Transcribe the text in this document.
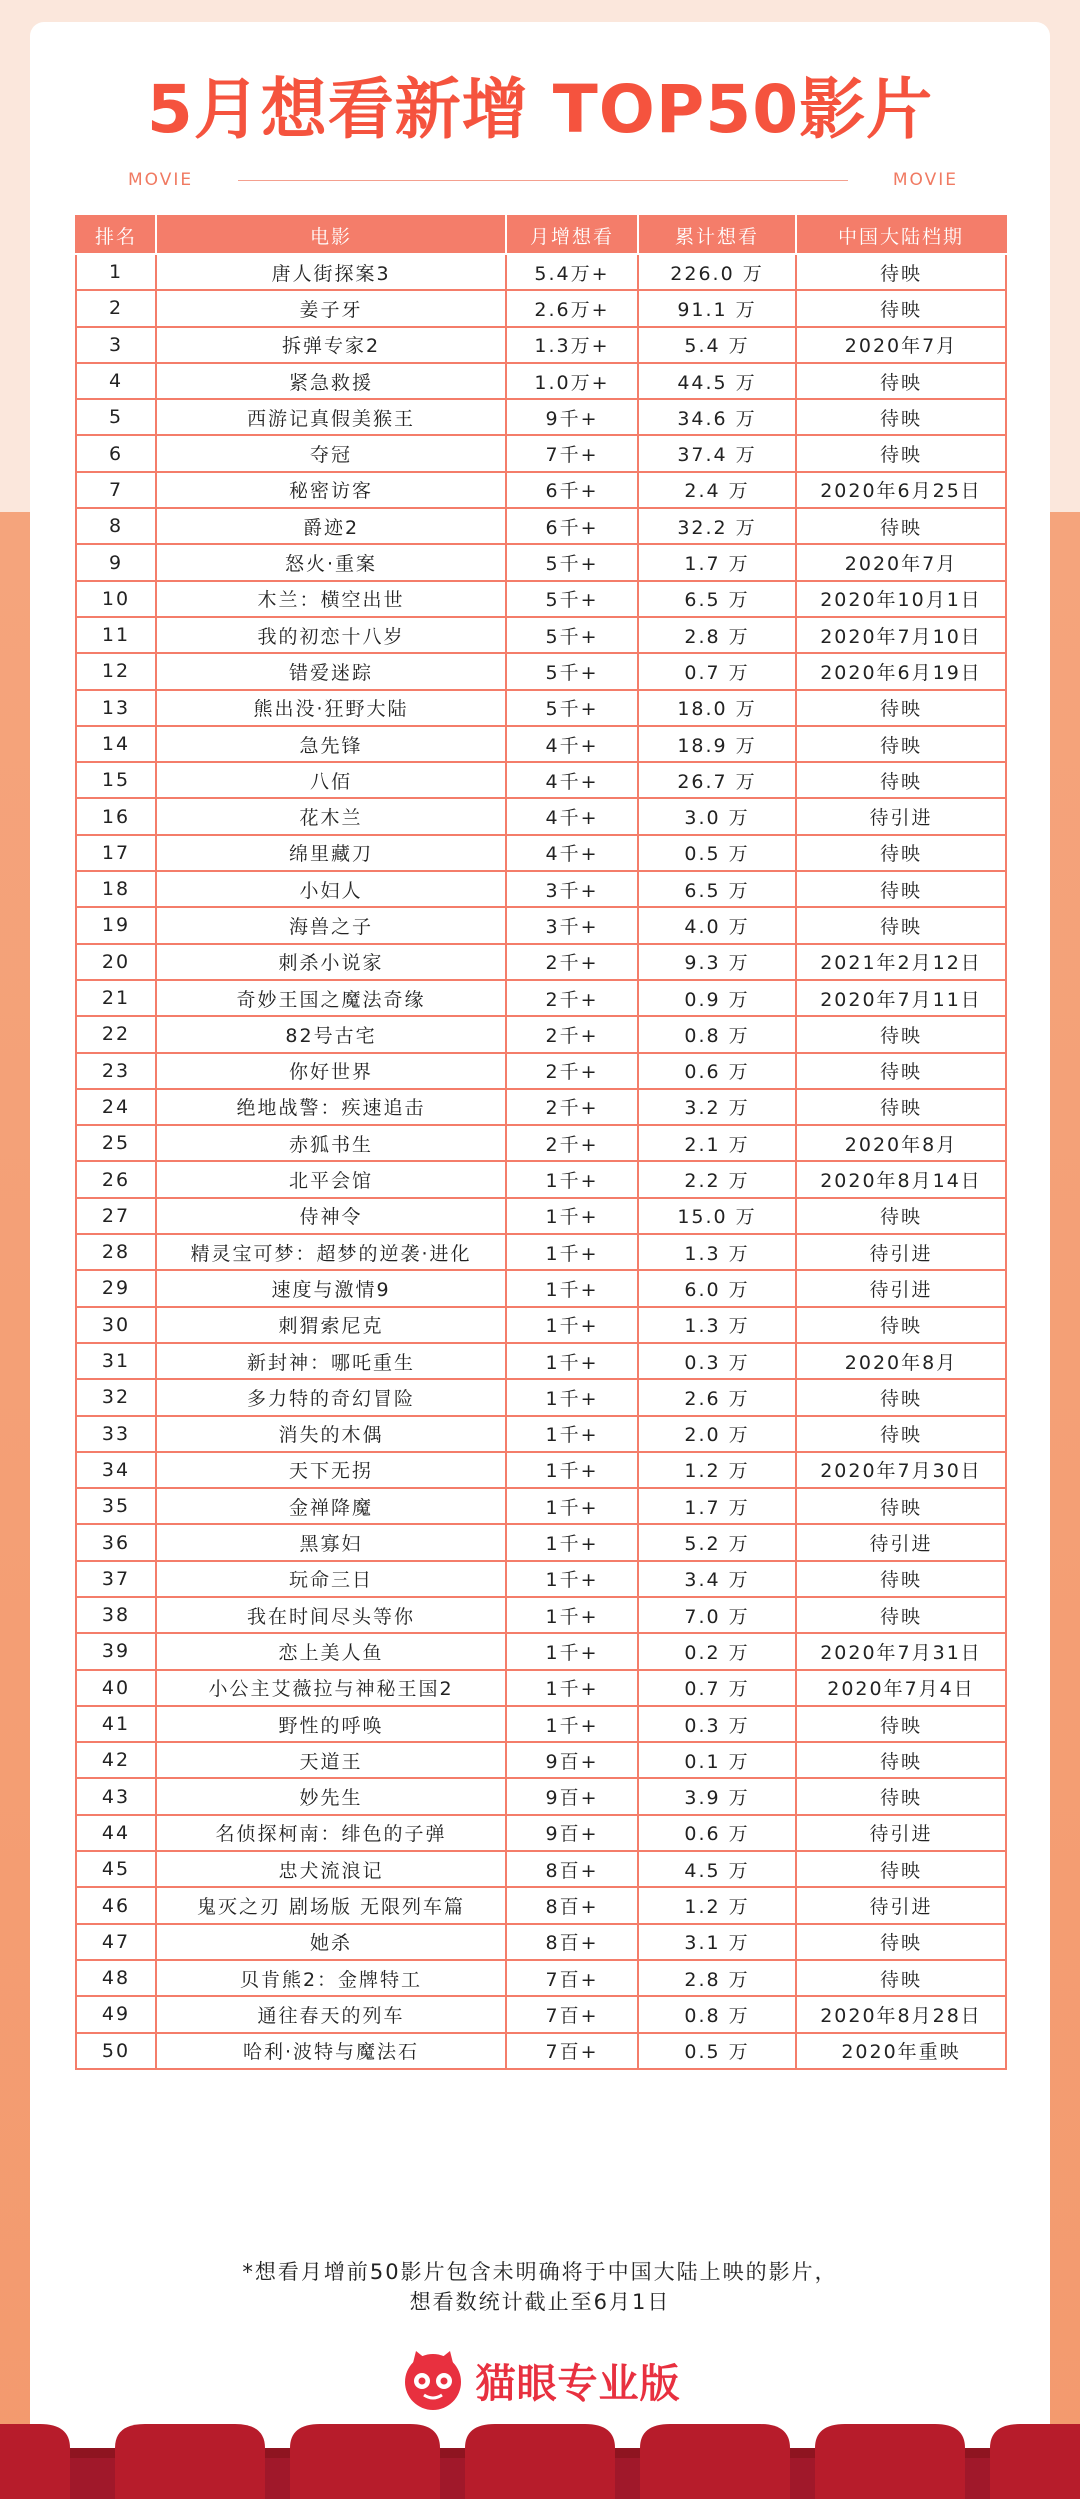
5月想看新增 TOP50影片
MOVIE	MOVIE
排名	电影	月增想看	累计想看	中国大陆档期
1	唐人街探案3	5.4万+	226.0 万	待映
2	姜子牙	2.6万+	91.1 万	待映
3	拆弹专家2	1.3万+	5.4 万	2020年7月
4	紧急救援	1.0万+	44.5 万	待映
5	西游记真假美猴王	9千+	34.6 万	待映
6	夺冠	7千+	37.4 万	待映
7	秘密访客	6千+	2.4 万	2020年6月25日
8	爵迹2	6千+	32.2 万	待映
9	怒火·重案	5千+	1.7 万	2020年7月
10	木兰：横空出世	5千+	6.5 万	2020年10月1日
11	我的初恋十八岁	5千+	2.8 万	2020年7月10日
12	错爱迷踪	5千+	0.7 万	2020年6月19日
13	熊出没·狂野大陆	5千+	18.0 万	待映
14	急先锋	4千+	18.9 万	待映
15	八佰	4千+	26.7 万	待映
16	花木兰	4千+	3.0 万	待引进
17	绵里藏刀	4千+	0.5 万	待映
18	小妇人	3千+	6.5 万	待映
19	海兽之子	3千+	4.0 万	待映
20	刺杀小说家	2千+	9.3 万	2021年2月12日
21	奇妙王国之魔法奇缘	2千+	0.9 万	2020年7月11日
22	82号古宅	2千+	0.8 万	待映
23	你好世界	2千+	0.6 万	待映
24	绝地战警：疾速追击	2千+	3.2 万	待映
25	赤狐书生	2千+	2.1 万	2020年8月
26	北平会馆	1千+	2.2 万	2020年8月14日
27	侍神令	1千+	15.0 万	待映
28	精灵宝可梦：超梦的逆袭·进化	1千+	1.3 万	待引进
29	速度与激情9	1千+	6.0 万	待引进
30	刺猬索尼克	1千+	1.3 万	待映
31	新封神：哪吒重生	1千+	0.3 万	2020年8月
32	多力特的奇幻冒险	1千+	2.6 万	待映
33	消失的木偶	1千+	2.0 万	待映
34	天下无拐	1千+	1.2 万	2020年7月30日
35	金禅降魔	1千+	1.7 万	待映
36	黑寡妇	1千+	5.2 万	待引进
37	玩命三日	1千+	3.4 万	待映
38	我在时间尽头等你	1千+	7.0 万	待映
39	恋上美人鱼	1千+	0.2 万	2020年7月31日
40	小公主艾薇拉与神秘王国2	1千+	0.7 万	2020年7月4日
41	野性的呼唤	1千+	0.3 万	待映
42	天道王	9百+	0.1 万	待映
43	妙先生	9百+	3.9 万	待映
44	名侦探柯南：绯色的子弹	9百+	0.6 万	待引进
45	忠犬流浪记	8百+	4.5 万	待映
46	鬼灭之刃 剧场版 无限列车篇	8百+	1.2 万	待引进
47	她杀	8百+	3.1 万	待映
48	贝肯熊2：金牌特工	7百+	2.8 万	待映
49	通往春天的列车	7百+	0.8 万	2020年8月28日
50	哈利·波特与魔法石	7百+	0.5 万	2020年重映
*想看月增前50影片包含未明确将于中国大陆上映的影片，
想看数统计截止至6月1日
猫眼专业版
